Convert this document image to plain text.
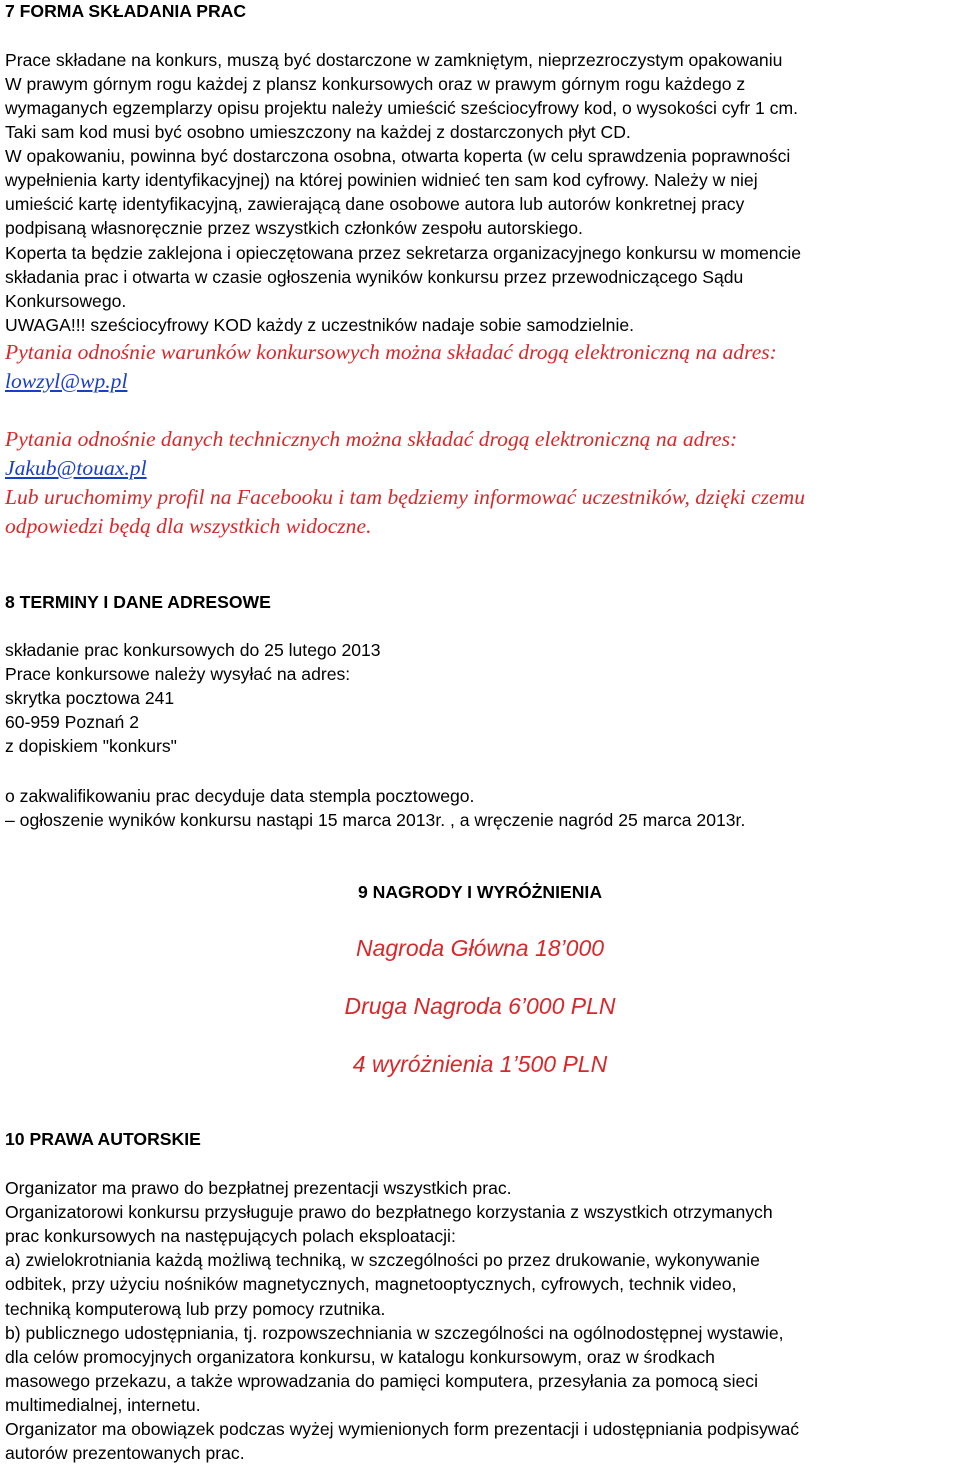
7 FORMA SKŁADANIA PRAC
Prace składane na konkurs, muszą być dostarczone w zamkniętym, nieprzezroczystym opakowaniu
W prawym górnym rogu każdej z plansz konkursowych oraz w prawym górnym rogu każdego z
wymaganych egzemplarzy opisu projektu należy umieścić sześciocyfrowy kod, o wysokości cyfr 1 cm.
Taki sam kod musi być osobno umieszczony na każdej z dostarczonych płyt CD.
W opakowaniu, powinna być dostarczona osobna, otwarta koperta (w celu sprawdzenia poprawności
wypełnienia karty identyfikacyjnej) na której powinien widnieć ten sam kod cyfrowy. Należy w niej
umieścić kartę identyfikacyjną, zawierającą dane osobowe autora lub autorów konkretnej pracy
podpisaną własnoręcznie przez wszystkich członków zespołu autorskiego.
Koperta ta będzie zaklejona i opieczętowana przez sekretarza organizacyjnego konkursu w momencie
składania prac i otwarta w czasie ogłoszenia wyników konkursu przez przewodniczącego Sądu
Konkursowego.
UWAGA!!! sześciocyfrowy KOD każdy z uczestników nadaje sobie samodzielnie.
Pytania odnośnie warunków konkursowych można składać drogą elektroniczną na adres:
lowzyl@wp.pl
Pytania odnośnie danych technicznych można składać drogą elektroniczną na adres:
Jakub@touax.pl
Lub uruchomimy profil na Facebooku i tam będziemy informować uczestników, dzięki czemu
odpowiedzi będą dla wszystkich widoczne.
8 TERMINY I DANE ADRESOWE
składanie prac konkursowych do 25 lutego 2013
Prace konkursowe należy wysyłać na adres:
skrytka pocztowa 241
60-959 Poznań 2
z dopiskiem "konkurs"
o zakwalifikowaniu prac decyduje data stempla pocztowego.
– ogłoszenie wyników konkursu nastąpi 15 marca 2013r. , a wręczenie nagród 25 marca 2013r.
9 NAGRODY I WYRÓŻNIENIA
Nagroda Główna 18’000
Druga Nagroda 6’000 PLN
4 wyróżnienia 1’500 PLN
10 PRAWA AUTORSKIE
Organizator ma prawo do bezpłatnej prezentacji wszystkich prac.
Organizatorowi konkursu przysługuje prawo do bezpłatnego korzystania z wszystkich otrzymanych
prac konkursowych na następujących polach eksploatacji:
a) zwielokrotniania każdą możliwą techniką, w szczególności po przez drukowanie, wykonywanie
odbitek, przy użyciu nośników magnetycznych, magnetooptycznych, cyfrowych, technik video,
techniką komputerową lub przy pomocy rzutnika.
b) publicznego udostępniania, tj. rozpowszechniania w szczególności na ogólnodostępnej wystawie,
dla celów promocyjnych organizatora konkursu, w katalogu konkursowym, oraz w środkach
masowego przekazu, a także wprowadzania do pamięci komputera, przesyłania za pomocą sieci
multimedialnej, internetu.
Organizator ma obowiązek podczas wyżej wymienionych form prezentacji i udostępniania podpisywać
autorów prezentowanych prac.
